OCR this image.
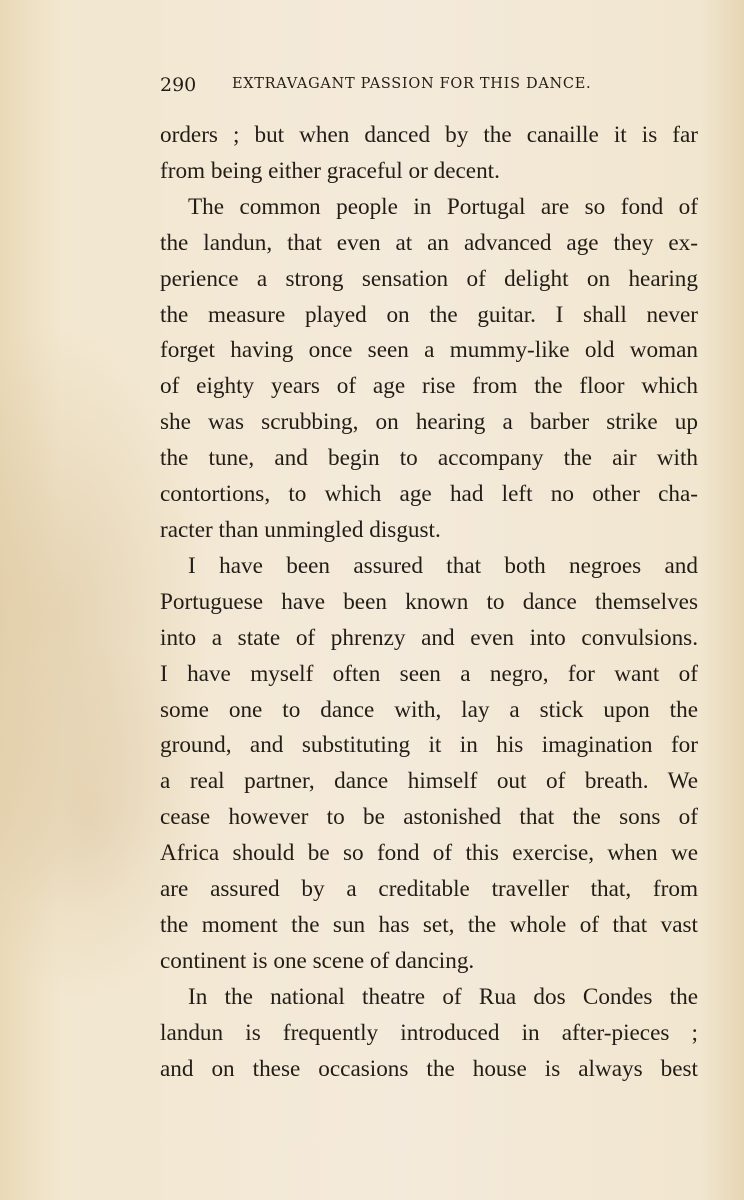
290 EXTRAVAGANT PASSION FOR THIS DANCE.

orders ; but when danced by the canaille it is far
from being either graceful or decent.

The common people in Portugal are so fond of
the landun, that even at an advanced age they ex-
perience a strong sensation of delight on hearing
the measure played on the guitar. I shall never
forget having once seen a mummy-like old woman
of eighty years of age rise from the floor which
she was scrubbing, on hearing a barber strike up
the tune, and begin to accompany the air with
contortions, to which age had left no other cha-
racter than unmingled disgust.

I have been assured that both negroes and
Portuguese have been known to dance themselves
into a state of phrenzy and even into convulsions.
I have myself often seen a negro, for want of
some one to dance with, lay a stick upon the
ground, and substituting it in his imagination for
a real partner, dance himself out of breath. We
cease however to be astonished that the sons of
Africa should be so fond of this exercise, when we
are assured by a creditable traveller that, from
the moment the sun has set, the whole of that vast
continent is one scene of dancing.

In the national theatre of Rua dos Condes the
landun is frequently introduced in after-pieces ;
and on these occasions the house is always best
